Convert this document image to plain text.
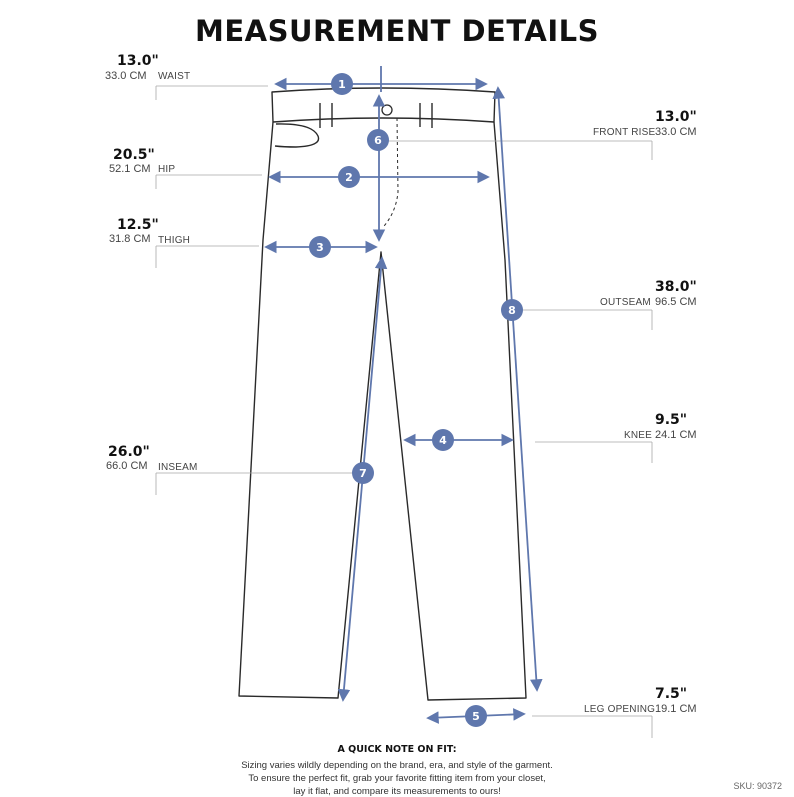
MEASUREMENT DETAILS
1
2
3
4
5
6
7
8
13.0"
33.0 CM WAIST
20.5"
52.1 CM HIP
12.5"
31.8 CM THIGH
26.0"
66.0 CM INSEAM
FRONT RISE
13.0"
33.0 CM
OUTSEAM
38.0"
96.5 CM
KNEE
9.5"
24.1 CM
LEG OPENING
7.5"
19.1 CM
A QUICK NOTE ON FIT:
Sizing varies wildly depending on the brand, era, and style of the garment.
To ensure the perfect fit, grab your favorite fitting item from your closet,
lay it flat, and compare its measurements to ours!	SKU: 90372
